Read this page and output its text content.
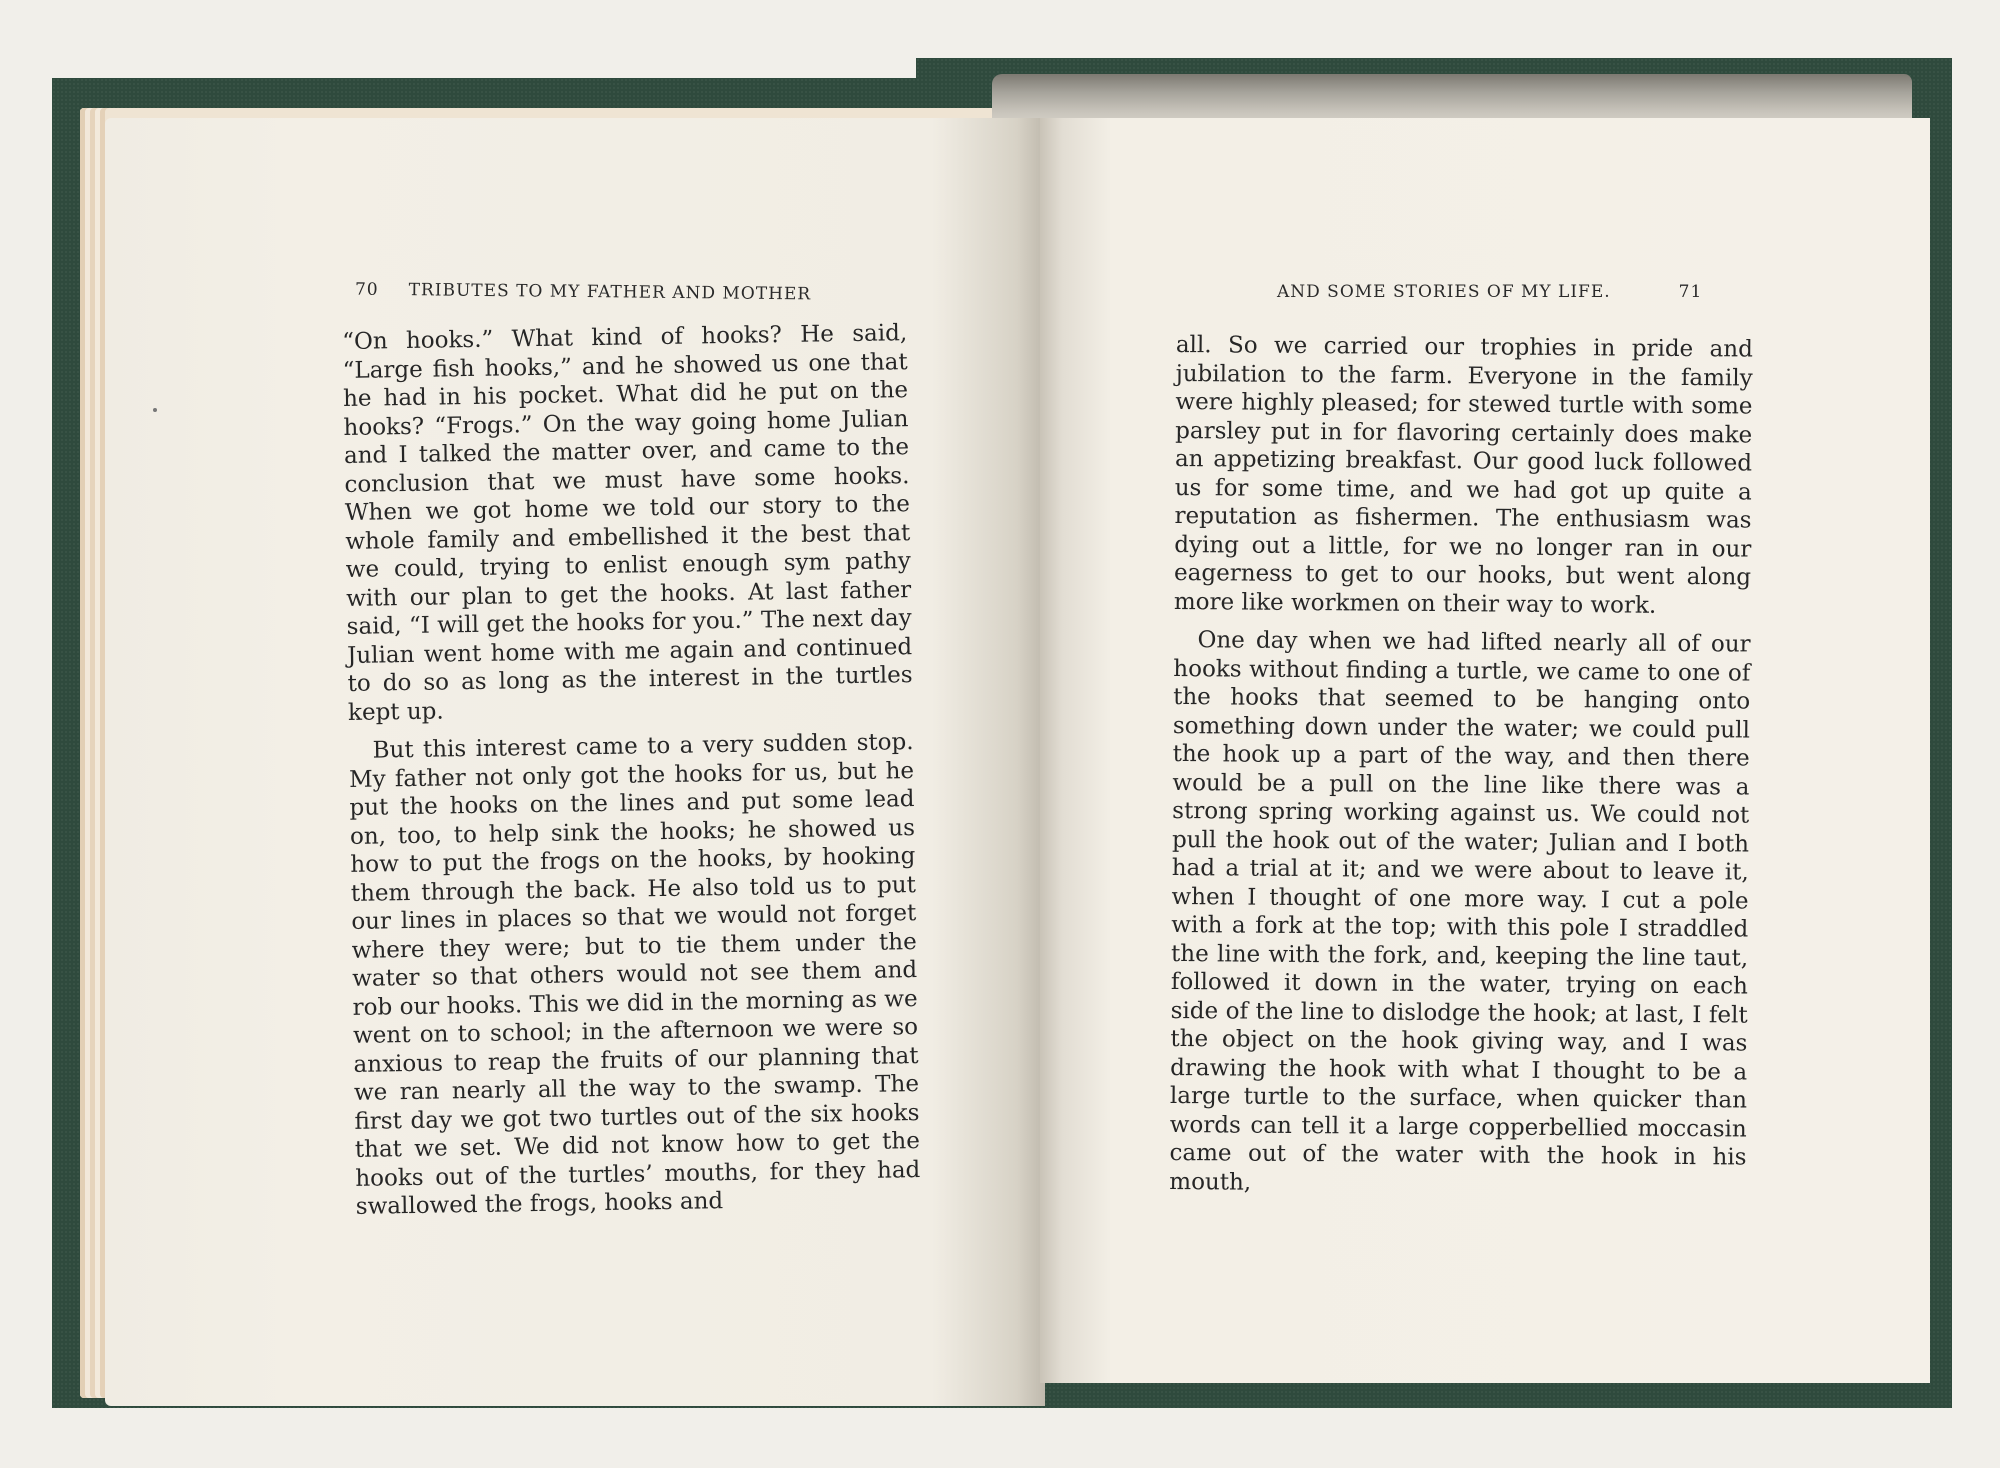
70 TRIBUTES TO MY FATHER AND MOTHER

“On hooks.” What kind of hooks? He said, “Large fish hooks,” and he showed us one that he had in his pocket. What did he put on the hooks? “Frogs.” On the way going home Julian and I talked the matter over, and came to the conclusion that we must have some hooks. When we got home we told our story to the whole family and embellished it the best that we could, trying to enlist enough sym pathy with our plan to get the hooks. At last father said, “I will get the hooks for you.” The next day Julian went home with me again and continued to do so as long as the interest in the turtles kept up.

But this interest came to a very sudden stop. My father not only got the hooks for us, but he put the hooks on the lines and put some lead on, too, to help sink the hooks; he showed us how to put the frogs on the hooks, by hooking them through the back. He also told us to put our lines in places so that we would not forget where they were; but to tie them under the water so that others would not see them and rob our hooks. This we did in the morning as we went on to school; in the afternoon we were so anxious to reap the fruits of our planning that we ran nearly all the way to the swamp. The first day we got two turtles out of the six hooks that we set. We did not know how to get the hooks out of the turtles’ mouths, for they had swallowed the frogs, hooks and

AND SOME STORIES OF MY LIFE.	71

all. So we carried our trophies in pride and jubilation to the farm. Everyone in the family were highly pleased; for stewed turtle with some parsley put in for flavoring certainly does make an appetizing breakfast. Our good luck followed us for some time, and we had got up quite a reputation as fishermen. The enthusiasm was dying out a little, for we no longer ran in our eagerness to get to our hooks, but went along more like workmen on their way to work.

One day when we had lifted nearly all of our hooks without finding a turtle, we came to one of the hooks that seemed to be hanging onto something down under the water; we could pull the hook up a part of the way, and then there would be a pull on the line like there was a strong spring working against us. We could not pull the hook out of the water; Julian and I both had a trial at it; and we were about to leave it, when I thought of one more way. I cut a pole with a fork at the top; with this pole I straddled the line with the fork, and, keeping the line taut, followed it down in the water, trying on each side of the line to dislodge the hook; at last, I felt the object on the hook giving way, and I was drawing the hook with what I thought to be a large turtle to the surface, when quicker than words can tell it a large copperbellied moccasin came out of the water with the hook in his mouth,
